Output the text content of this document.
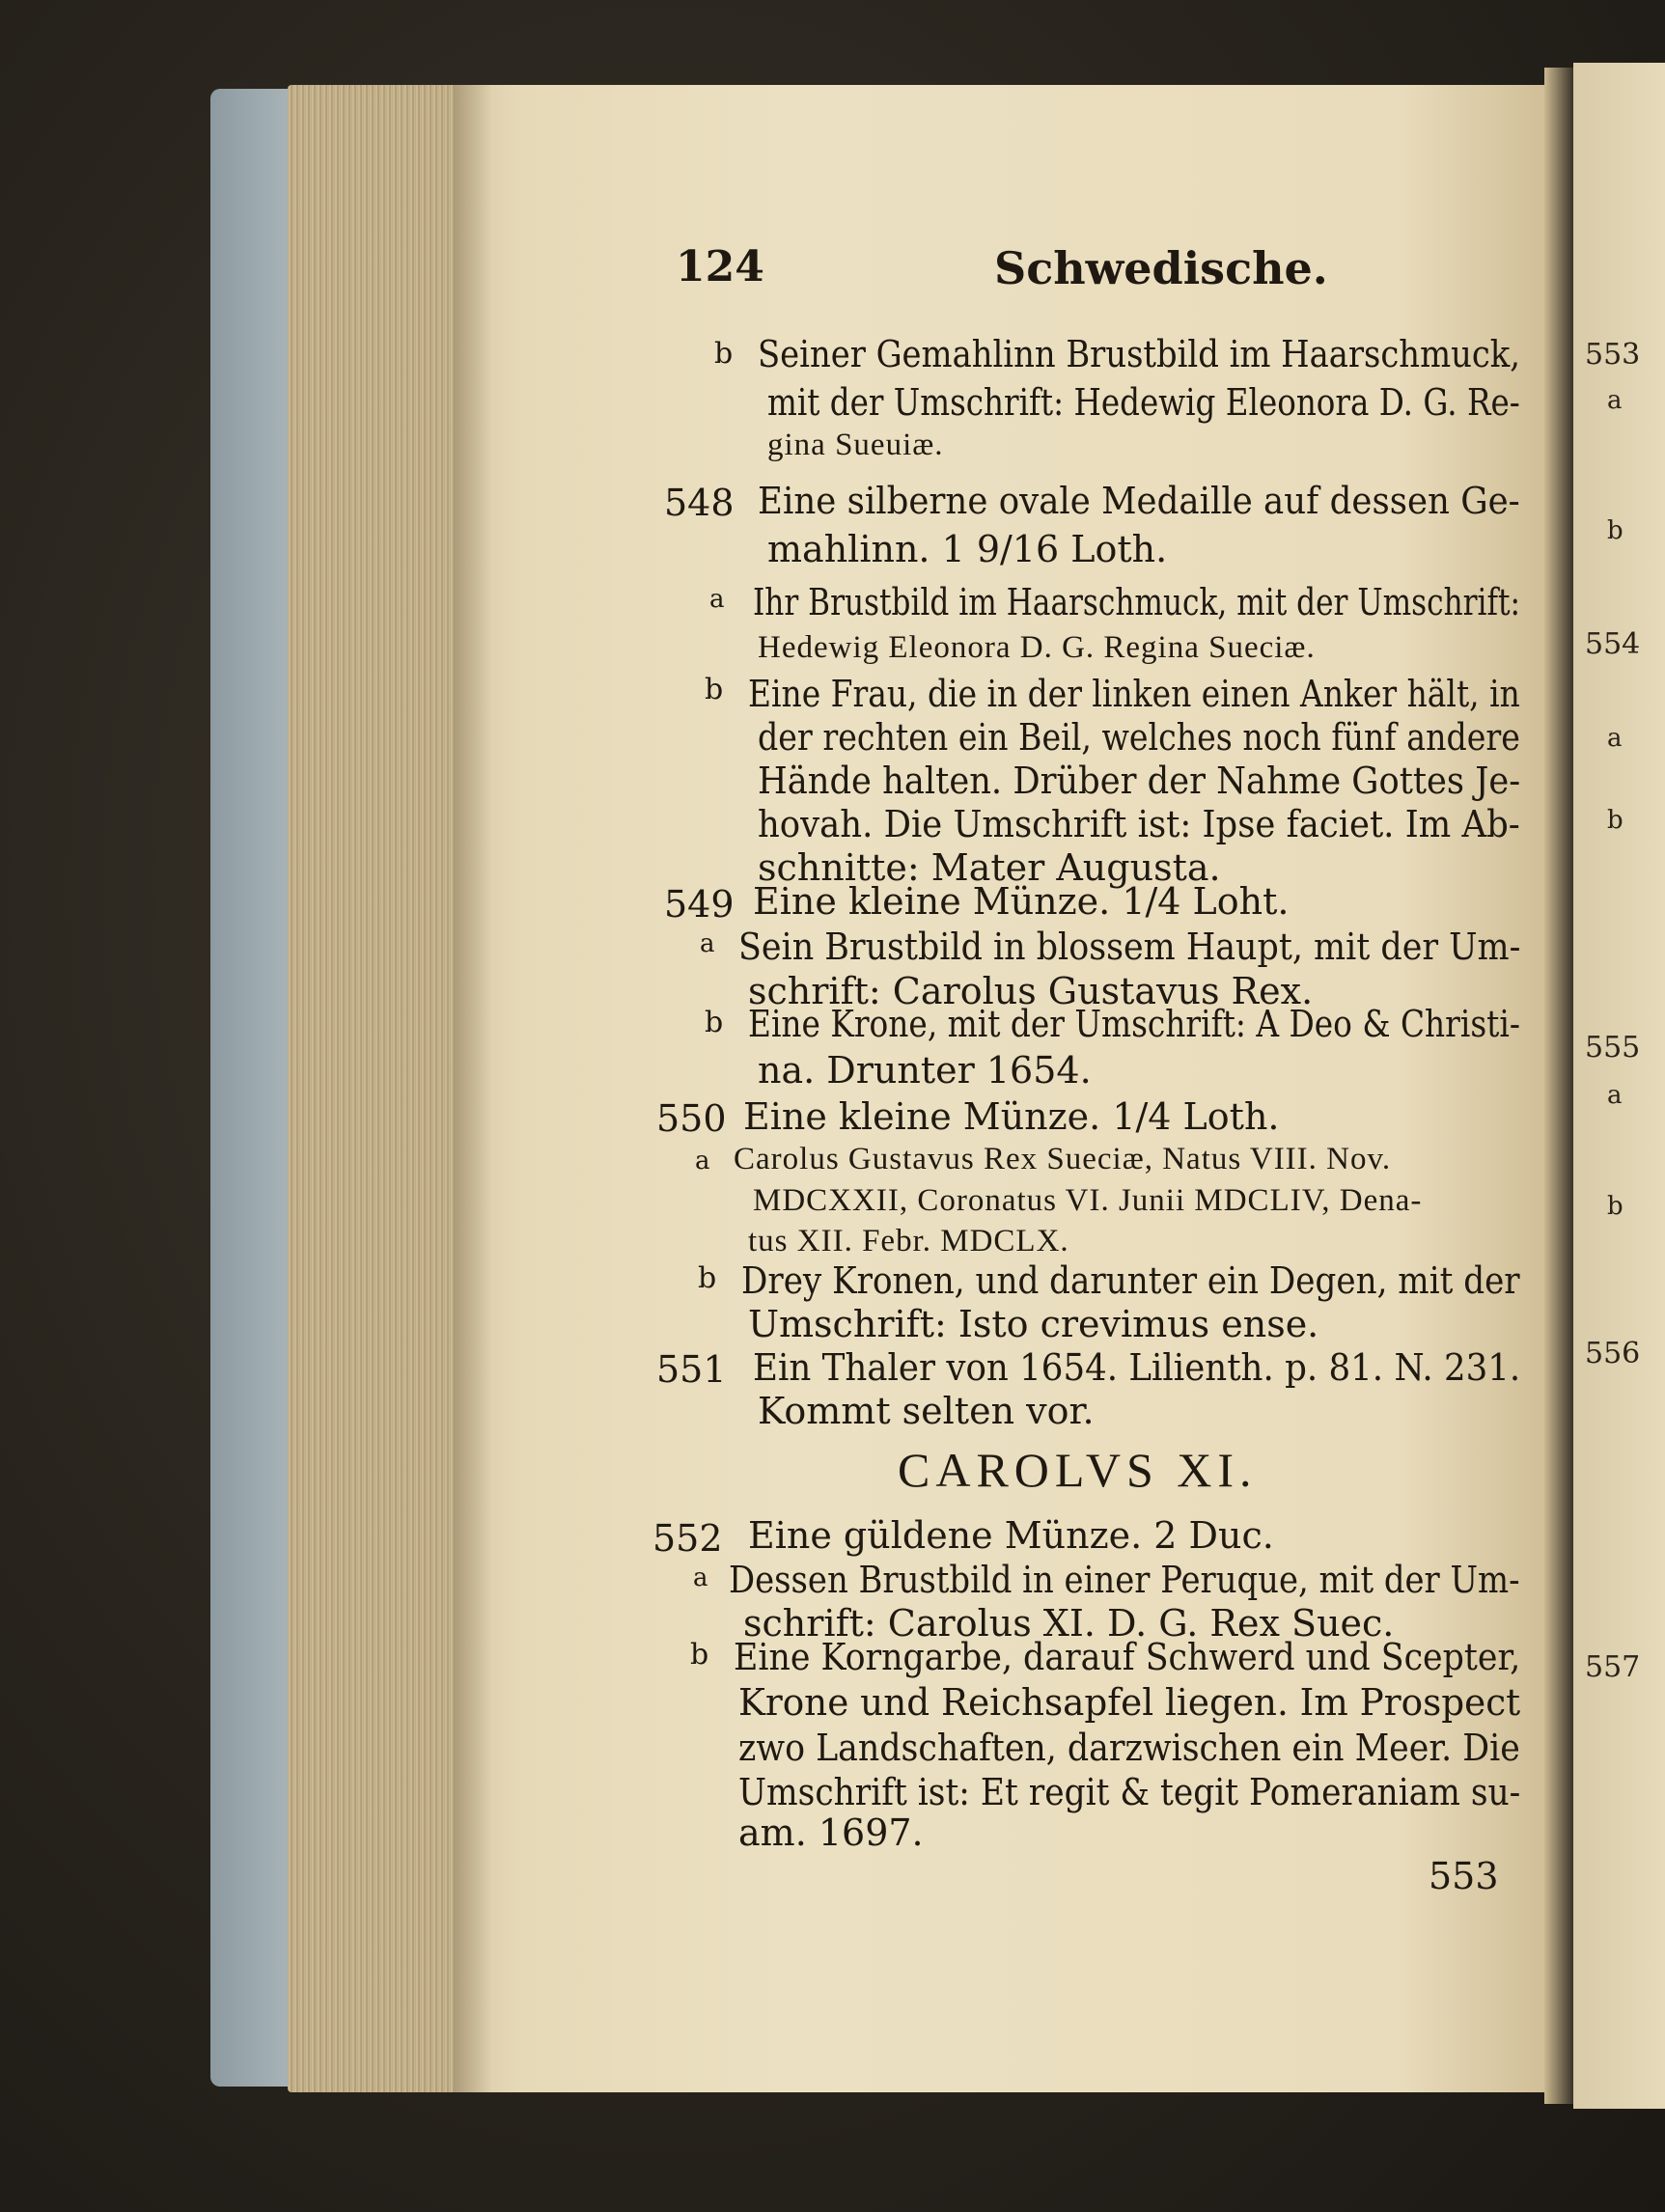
553
a
b
554
a
b
555
a
b
556
557
124	Schwedische.
b Seiner Gemahlinn Brustbild im Haarschmuck,
mit der Umschrift: Hedewig Eleonora D. G. Re-
gina Sueuiæ.
548 Eine silberne ovale Medaille auf dessen Ge-
mahlinn. 1 9/16 Loth.
a Ihr Brustbild im Haarschmuck, mit der Umschrift:
Hedewig Eleonora D. G. Regina Sueciæ.
b Eine Frau, die in der linken einen Anker hält, in
der rechten ein Beil, welches noch fünf andere
Hände halten. Drüber der Nahme Gottes Je-
hovah. Die Umschrift ist: Ipse faciet. Im Ab-
schnitte: Mater Augusta.
549 Eine kleine Münze. 1/4 Loht.
a Sein Brustbild in blossem Haupt, mit der Um-
schrift: Carolus Gustavus Rex.
b Eine Krone, mit der Umschrift: A Deo & Christi-
na. Drunter 1654.
550 Eine kleine Münze. 1/4 Loth.
a Carolus Gustavus Rex Sueciæ, Natus VIII. Nov.
MDCXXII, Coronatus VI. Junii MDCLIV, Dena-
tus XII. Febr. MDCLX.
b Drey Kronen, und darunter ein Degen, mit der
Umschrift: Isto crevimus ense.
551 Ein Thaler von 1654. Lilienth. p. 81. N. 231.
Kommt selten vor.
CAROLVS XI.
552 Eine güldene Münze. 2 Duc.
a Dessen Brustbild in einer Peruque, mit der Um-
schrift: Carolus XI. D. G. Rex Suec.
b Eine Korngarbe, darauf Schwerd und Scepter,
Krone und Reichsapfel liegen. Im Prospect
zwo Landschaften, darzwischen ein Meer. Die
Umschrift ist: Et regit & tegit Pomeraniam su-
am. 1697.
553
